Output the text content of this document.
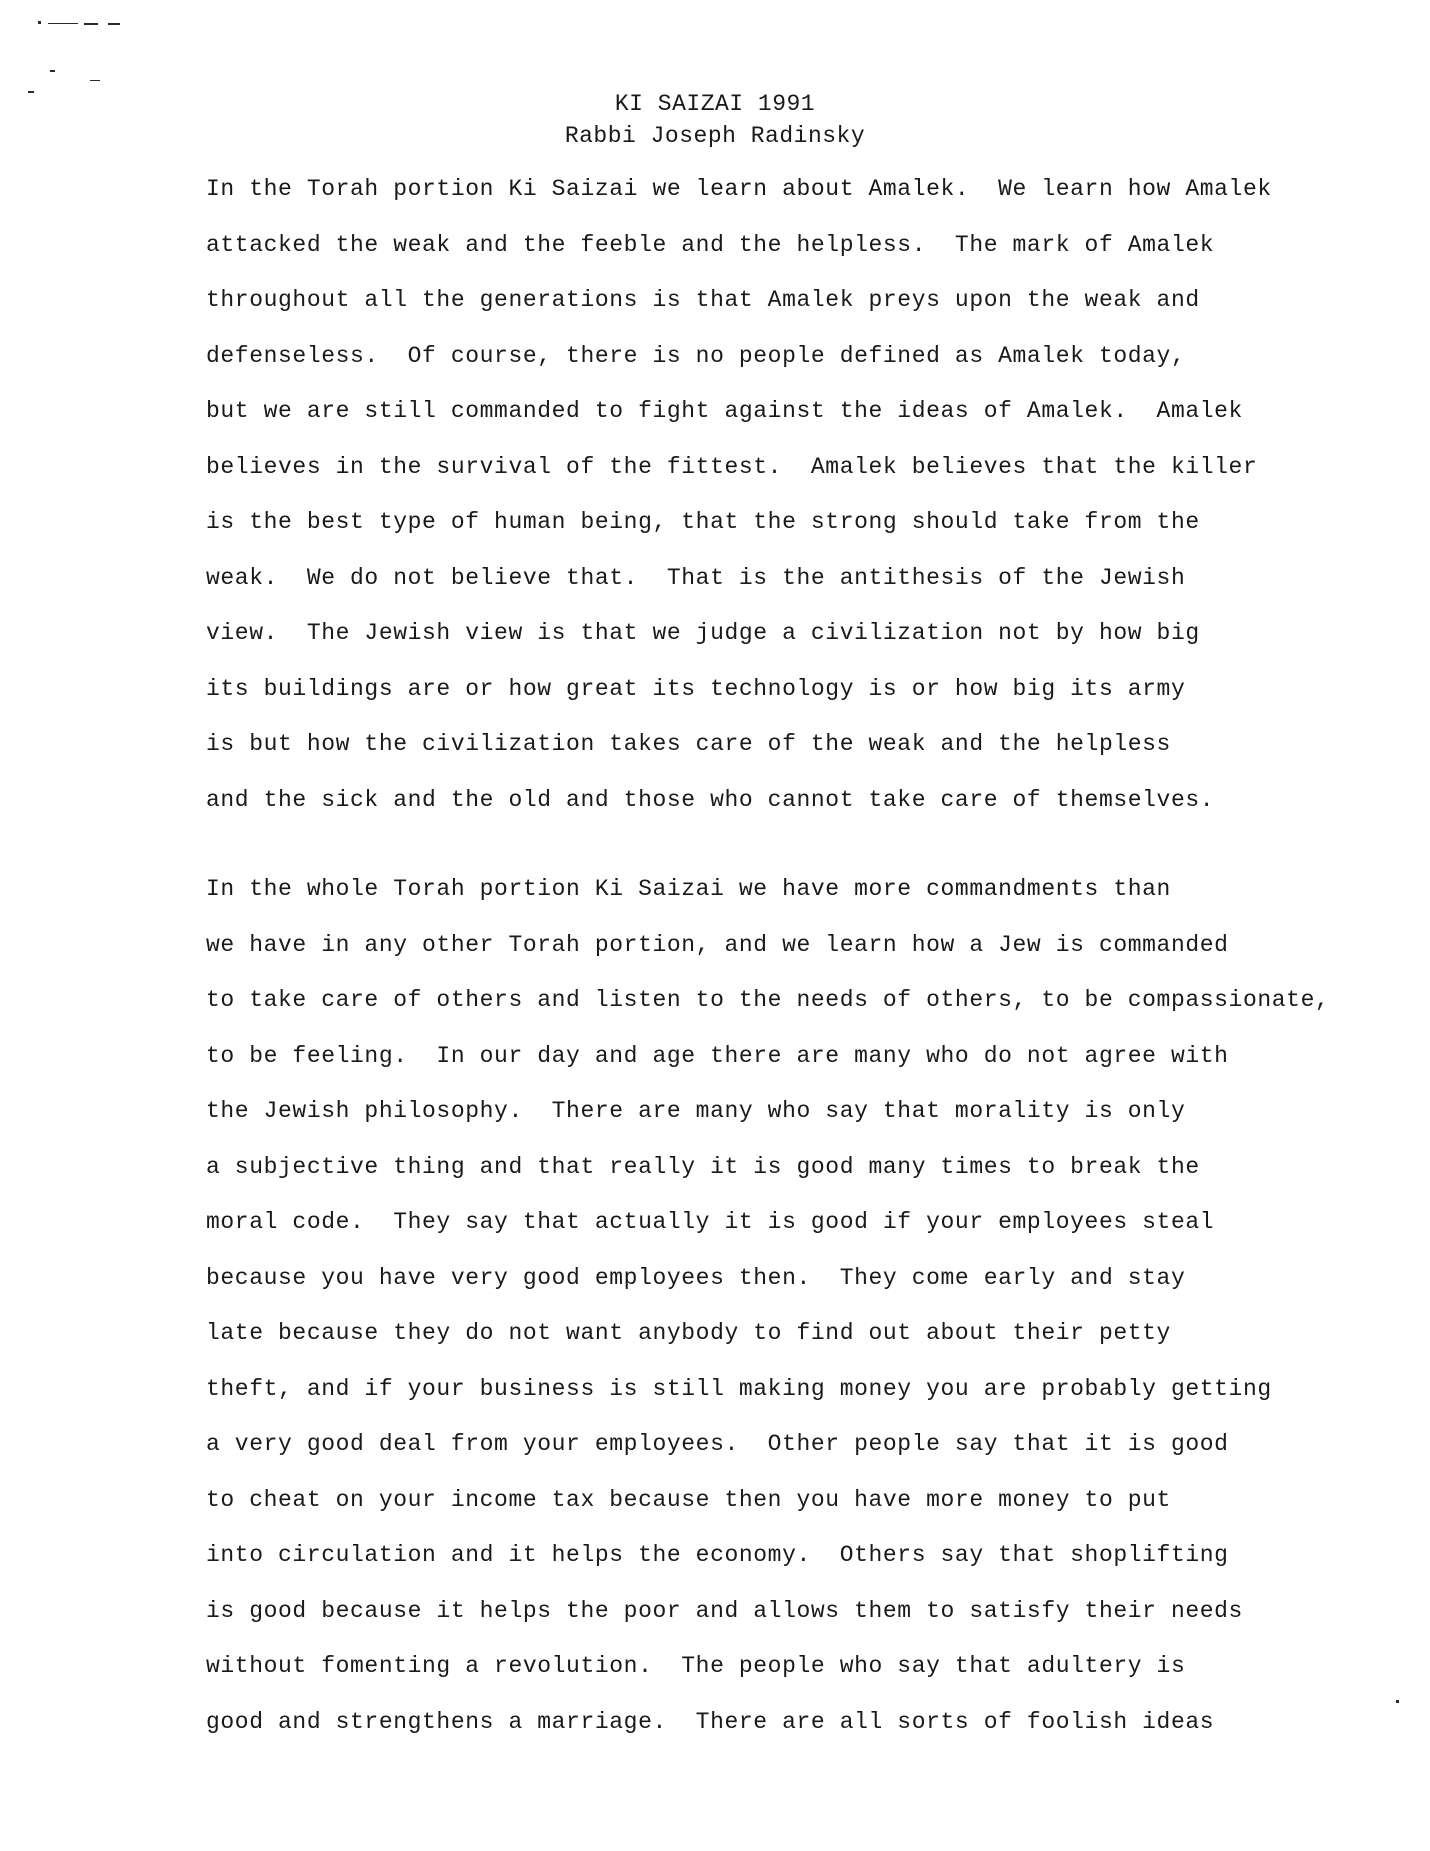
KI SAIZAI 1991
Rabbi Joseph Radinsky
In the Torah portion Ki Saizai we learn about Amalek.  We learn how Amalek
attacked the weak and the feeble and the helpless.  The mark of Amalek
throughout all the generations is that Amalek preys upon the weak and
defenseless.  Of course, there is no people defined as Amalek today,
but we are still commanded to fight against the ideas of Amalek.  Amalek
believes in the survival of the fittest.  Amalek believes that the killer
is the best type of human being, that the strong should take from the
weak.  We do not believe that.  That is the antithesis of the Jewish
view.  The Jewish view is that we judge a civilization not by how big
its buildings are or how great its technology is or how big its army
is but how the civilization takes care of the weak and the helpless
and the sick and the old and those who cannot take care of themselves.
In the whole Torah portion Ki Saizai we have more commandments than
we have in any other Torah portion, and we learn how a Jew is commanded
to take care of others and listen to the needs of others, to be compassionate,
to be feeling.  In our day and age there are many who do not agree with
the Jewish philosophy.  There are many who say that morality is only
a subjective thing and that really it is good many times to break the
moral code.  They say that actually it is good if your employees steal
because you have very good employees then.  They come early and stay
late because they do not want anybody to find out about their petty
theft, and if your business is still making money you are probably getting
a very good deal from your employees.  Other people say that it is good
to cheat on your income tax because then you have more money to put
into circulation and it helps the economy.  Others say that shoplifting
is good because it helps the poor and allows them to satisfy their needs
without fomenting a revolution.  The people who say that adultery is
good and strengthens a marriage.  There are all sorts of foolish ideas
